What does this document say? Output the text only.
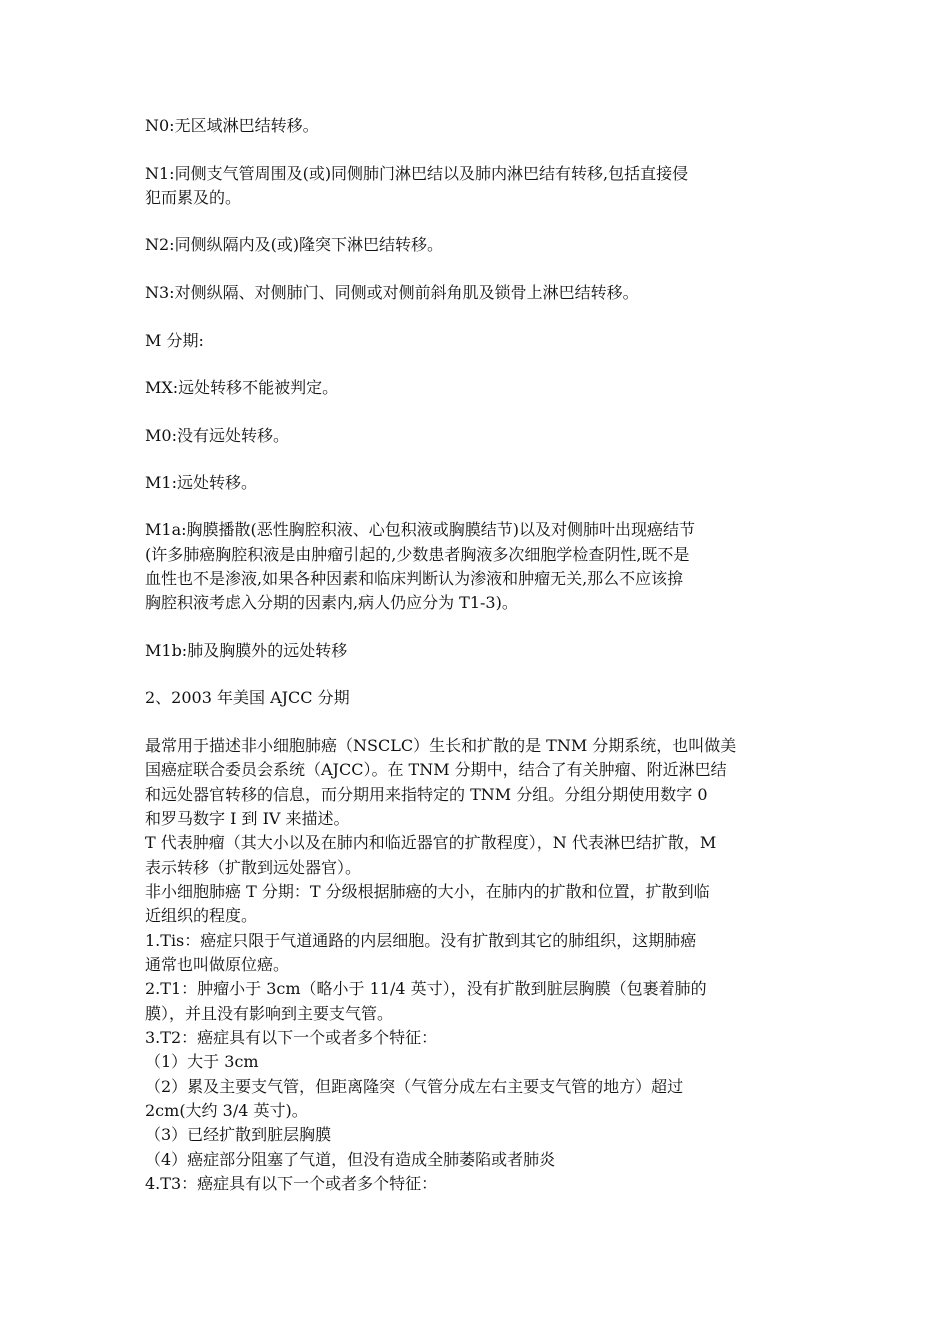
N0:无区域淋巴结转移。
N1:同侧支气管周围及(或)同侧肺门淋巴结以及肺内淋巴结有转移,包括直接侵
犯而累及的。
N2:同侧纵隔内及(或)隆突下淋巴结转移。
N3:对侧纵隔、对侧肺门、同侧或对侧前斜角肌及锁骨上淋巴结转移。
M 分期:
MX:远处转移不能被判定。
M0:没有远处转移。
M1:远处转移。
M1a:胸膜播散(恶性胸腔积液、心包积液或胸膜结节)以及对侧肺叶出现癌结节
(许多肺癌胸腔积液是由肿瘤引起的,少数患者胸液多次细胞学检查阴性,既不是
血性也不是渗液,如果各种因素和临床判断认为渗液和肿瘤无关,那么不应该揜
胸腔积液考虑入分期的因素内,病人仍应分为 T1-3)。
M1b:肺及胸膜外的远处转移
2、2003 年美国 AJCC 分期
最常用于描述非小细胞肺癌（NSCLC）生长和扩散的是 TNM 分期系统，也叫做美
国癌症联合委员会系统（AJCC）。在 TNM 分期中，结合了有关肿瘤、附近淋巴结
和远处器官转移的信息，而分期用来指特定的 TNM 分组。分组分期使用数字 0
和罗马数字 I 到 IV 来描述。
T 代表肿瘤（其大小以及在肺内和临近器官的扩散程度），N 代表淋巴结扩散，M
表示转移（扩散到远处器官）。
非小细胞肺癌 T 分期：T 分级根据肺癌的大小，在肺内的扩散和位置，扩散到临
近组织的程度。
1.Tis：癌症只限于气道通路的内层细胞。没有扩散到其它的肺组织，这期肺癌
通常也叫做原位癌。
2.T1：肿瘤小于 3cm（略小于 11/4 英寸），没有扩散到脏层胸膜（包裹着肺的
膜），并且没有影响到主要支气管。
3.T2：癌症具有以下一个或者多个特征：
（1）大于 3cm
（2）累及主要支气管，但距离隆突（气管分成左右主要支气管的地方）超过
2cm(大约 3/4 英寸)。
（3）已经扩散到脏层胸膜
（4）癌症部分阻塞了气道，但没有造成全肺萎陷或者肺炎
4.T3：癌症具有以下一个或者多个特征：
